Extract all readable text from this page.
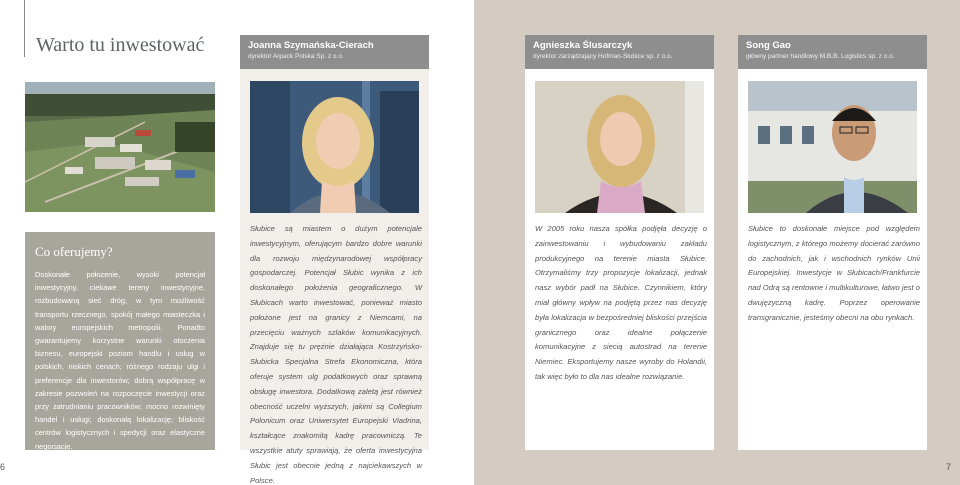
Warto tu inwestować
Co oferujemy?
Doskonałe położenie, wysoki potencjał inwestycyjny, ciekawe tereny inwestycyjne, rozbudowaną sieć dróg, w tym możliwość transportu rzecznego, spokój małego miasteczka i walory europejskich metropolii. Ponadto gwarantujemy korzystne warunki otoczenia biznesu, europejski poziom handlu i usług w polskich, niskich cenach; różnego rodzaju ulgi i preferencje dla inwestorów; dobrą współpracę w zakresie pozwoleń na rozpoczęcie inwestycji oraz przy zatrudnianiu pracowników; mocno rozwinięty handel i usługi; doskonałą lokalizację; bliskość centrów logistycznych i spedycji oraz elastyczne negocjacje.
Joanna Szymańska-Cierach
dyrektor Arpack Polska Sp. z o.o.
Słubice są miastem o dużym potencjale inwestycyjnym, oferującym bardzo dobre warunki dla rozwoju międzynarodowej współpracy gospodarczej. Potencjał Słubic wynika z ich doskonałego położenia geograficznego. W Słubicach warto inwestować, ponieważ miasto położone jest na granicy z Niemcami, na przecięciu ważnych szlaków komunikacyjnych. Znajduje się tu prężnie działająca Kostrzyńsko-Słubicka Specjalna Strefa Ekonomiczna, która oferuje system ulg podatkowych oraz sprawną obsługę inwestora. Dodatkową zaletą jest również obecność uczelni wyższych, jakimi są Collegium Polonicum oraz Uniwersytet Europejski Viadrina, kształcące znakomitą kadrę pracowniczą. Te wszystkie atuty sprawiają, że oferta inwestycyjna Słubic jest obecnie jedną z najciekawszych w Polsce.
Agnieszka Ślusarczyk
dyrektor zarządzający Hofman-Słubice sp. z o.o.
W 2005 roku nasza spółka podjęła decyzję o zainwestowaniu i wybudowaniu zakładu produkcyjnego na terenie miasta Słubice. Otrzymaliśmy trzy propozycje lokalizacji, jednak nasz wybór padł na Słubice. Czynnikiem, który miał główny wpływ na podjętą przez nas decyzję była lokalizacja w bezpośredniej bliskości przejścia granicznego oraz idealne połączenie komunikacyjne z siecią autostrad na terenie Niemiec. Eksportujemy nasze wyroby do Holandii, tak więc było to dla nas idealne rozwiązanie.
Song Gao
główny partner handlowy M.B.B. Logistics sp. z o.o.
Słubice to doskonałe miejsce pod względem logistycznym, z którego możemy docierać zarówno do zachodnich, jak i wschodnich rynków Unii Europejskiej. Inwestycje w Słubicach/Frankfurcie nad Odrą są rentowne i multikulturowe, łatwo jest o dwujęzyczną kadrę. Poprzez operowanie transgranicznie, jesteśmy obecni na obu rynkach.
6	7
